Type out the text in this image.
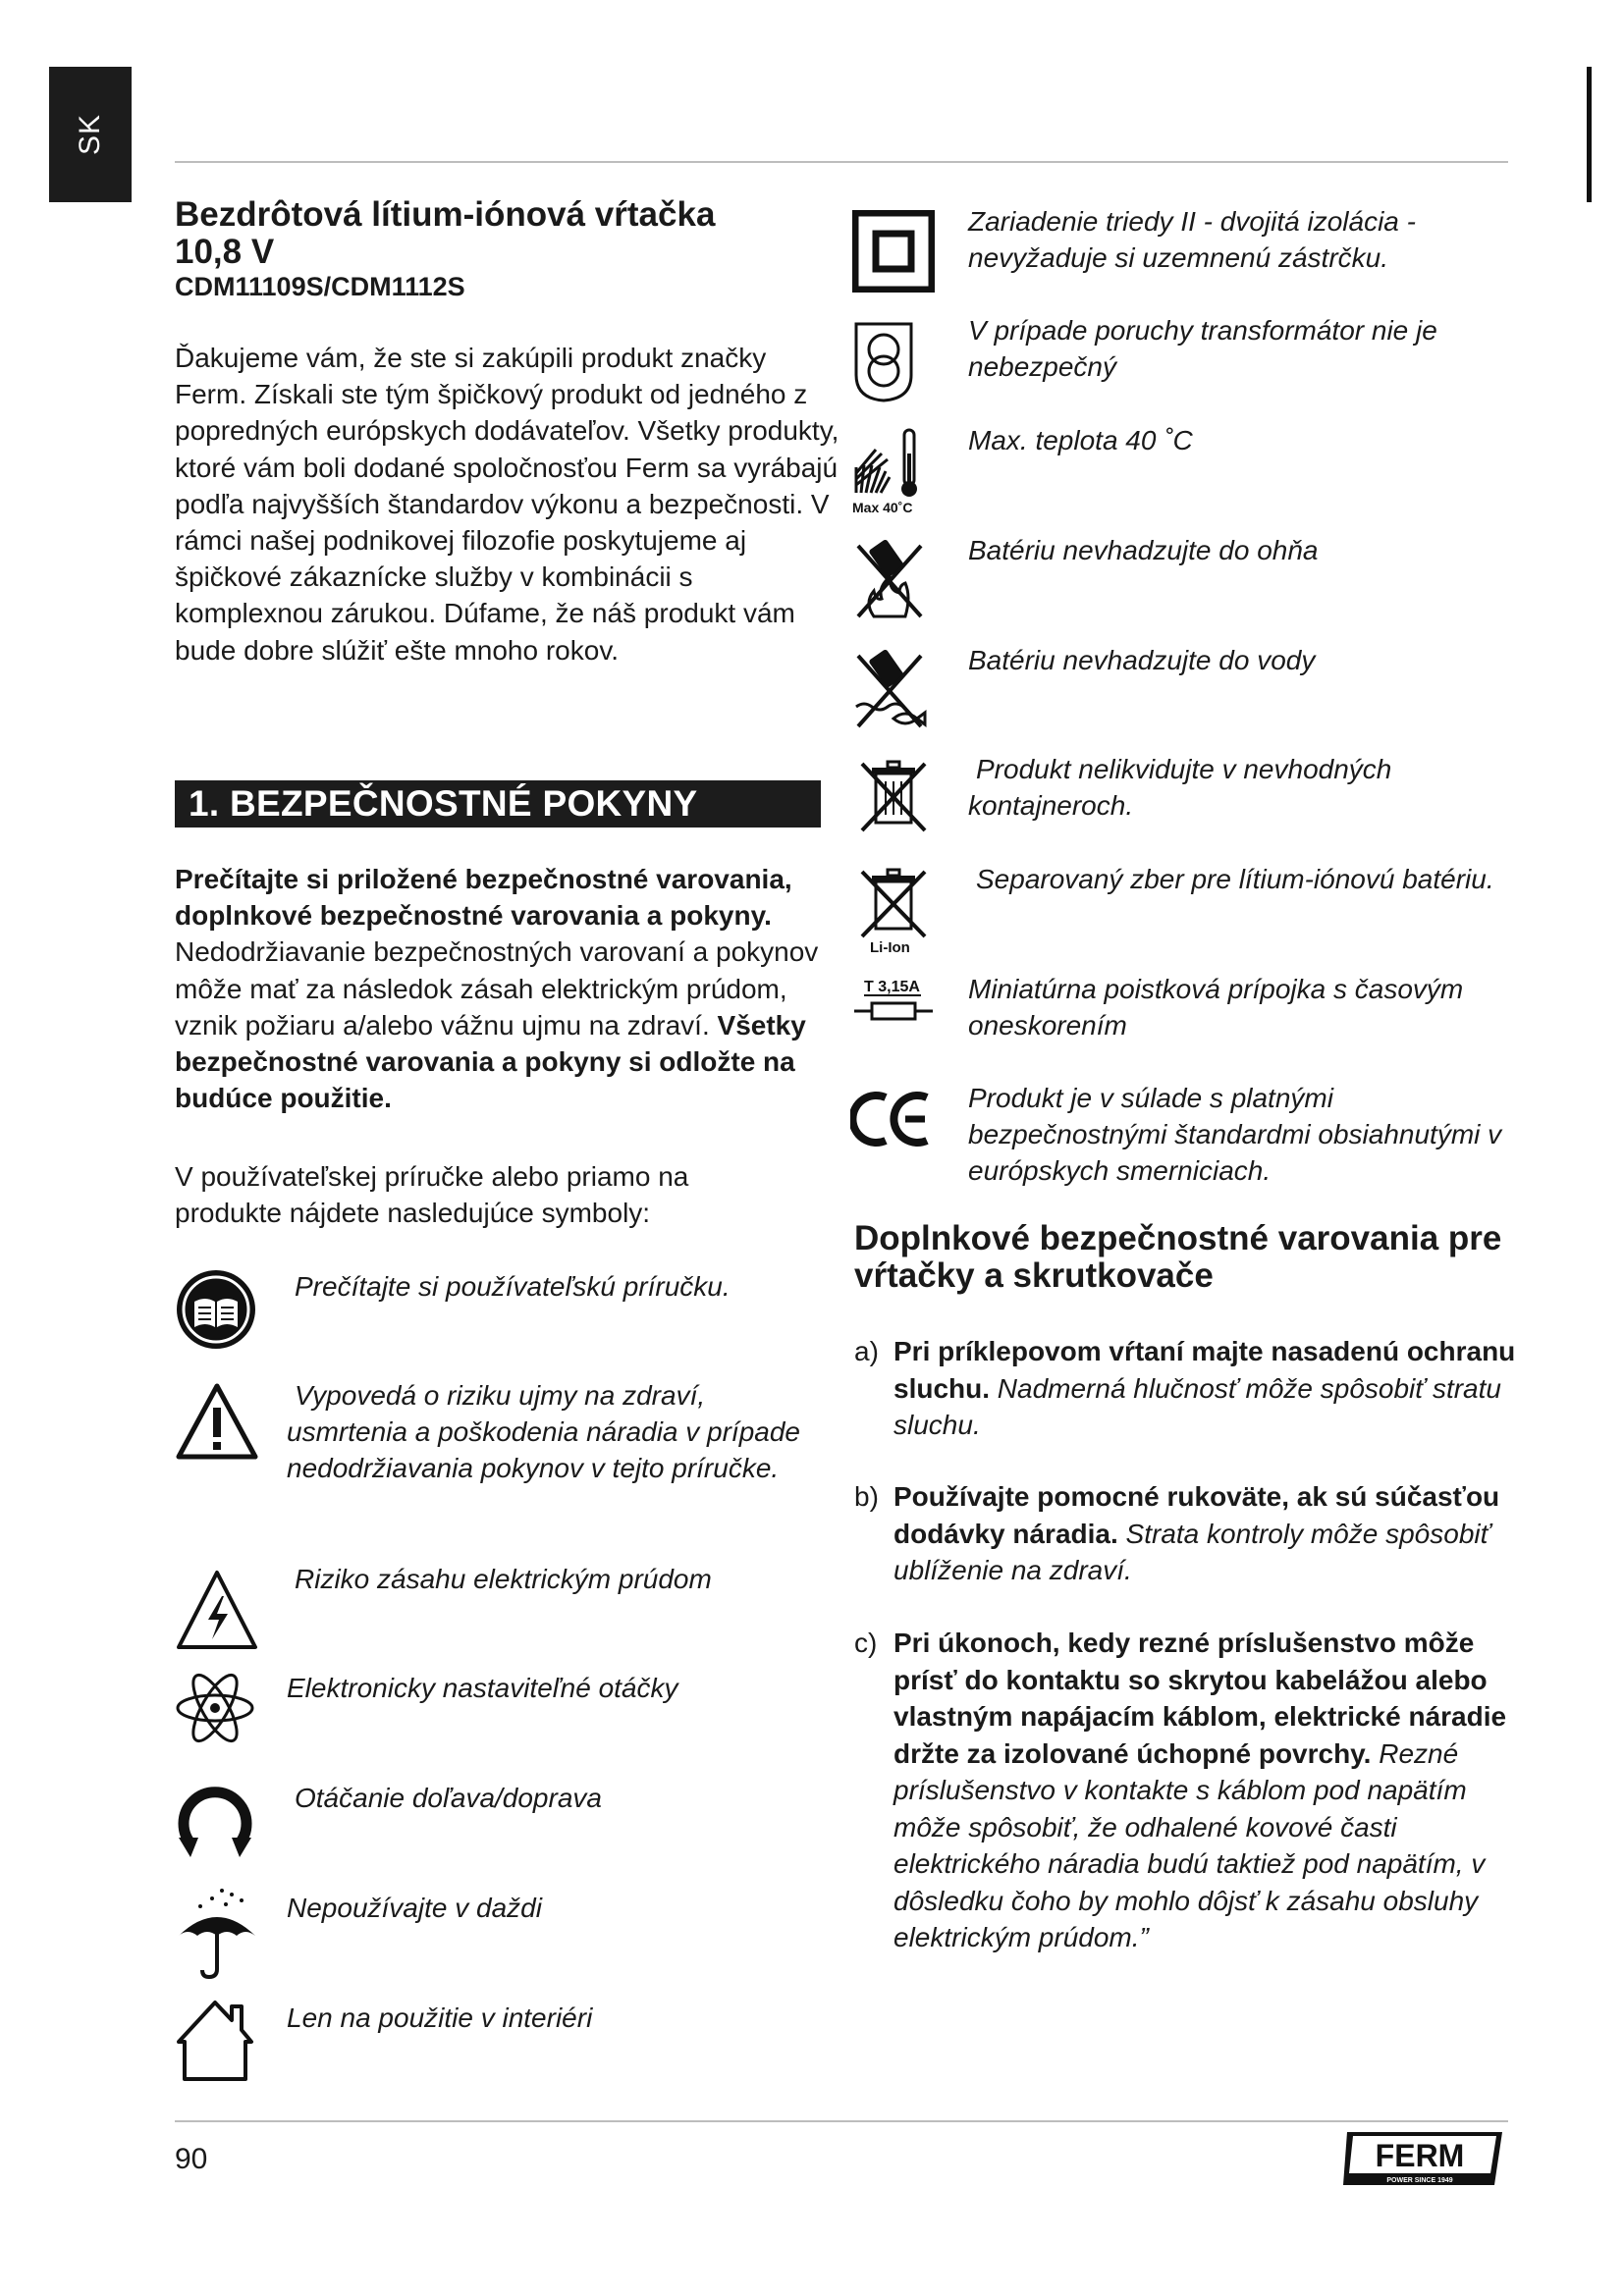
SK
Bezdrôtová lítium-iónová vŕtačka 10,8 V
CDM11109S/CDM1112S

Ďakujeme vám, že ste si zakúpili produkt značky Ferm. Získali ste tým špičkový produkt od jedného z popredných európskych dodávateľov. Všetky produkty, ktoré vám boli dodané spoločnosťou Ferm sa vyrábajú podľa najvyšších štandardov výkonu a bezpečnosti. V rámci našej podnikovej filozofie poskytujeme aj špičkové zákaznícke služby v kombinácii s komplexnou zárukou. Dúfame, že náš produkt vám bude dobre slúžiť ešte mnoho rokov.

1. BEZPEČNOSTNÉ POKYNY
Prečítajte si priložené bezpečnostné varovania, doplnkové bezpečnostné varovania a pokyny. Nedodržiavanie bezpečnostných varovaní a pokynov môže mať za následok zásah elektrickým prúdom, vznik požiaru a/alebo vážnu ujmu na zdraví. Všetky bezpečnostné varovania a pokyny si odložte na budúce použitie.
V používateľskej príručke alebo priamo na produkte nájdete nasledujúce symboly:
Prečítajte si používateľskú príručku.
Vypovedá o riziku ujmy na zdraví, usmrtenia a poškodenia náradia v prípade nedodržiavania pokynov v tejto príručke.
Riziko zásahu elektrickým prúdom
Elektronicky nastaviteľné otáčky
Otáčanie doľava/doprava
Nepoužívajte v daždi
Len na použitie v interiéri
Zariadenie triedy II - dvojitá izolácia - nevyžaduje si uzemnenú zástrčku.
V prípade poruchy transformátor nie je nebezpečný
Max 40˚C
Max. teplota 40 ˚C
Batériu nevhadzujte do ohňa
Batériu nevhadzujte do vody
Produkt nelikvidujte v nevhodných kontajneroch.
Li-Ion
Separovaný zber pre lítium-iónovú batériu.
T 3,15A Miniatúrna poistková prípojka s časovým oneskorením
Produkt je v súlade s platnými bezpečnostnými štandardmi obsiahnutými v európskych smerniciach.
Doplnkové bezpečnostné varovania pre vŕtačky a skrutkovače
a) Pri príklepovom vŕtaní majte nasadenú ochranu sluchu. Nadmerná hlučnosť môže spôsobiť stratu sluchu.
b) Používajte pomocné rukoväte, ak sú súčasťou dodávky náradia. Strata kontroly môže spôsobiť ublíženie na zdraví.
c) Pri úkonoch, kedy rezné príslušenstvo môže prísť do kontaktu so skrytou kabelážou alebo vlastným napájacím káblom, elektrické náradie držte za izolované úchopné povrchy. Rezné príslušenstvo v kontakte s káblom pod napätím môže spôsobiť, že odhalené kovové časti elektrického náradia budú taktiež pod napätím, v dôsledku čoho by mohlo dôjsť k zásahu obsluhy elektrickým prúdom.”
90	FERM
POWER SINCE 1949
